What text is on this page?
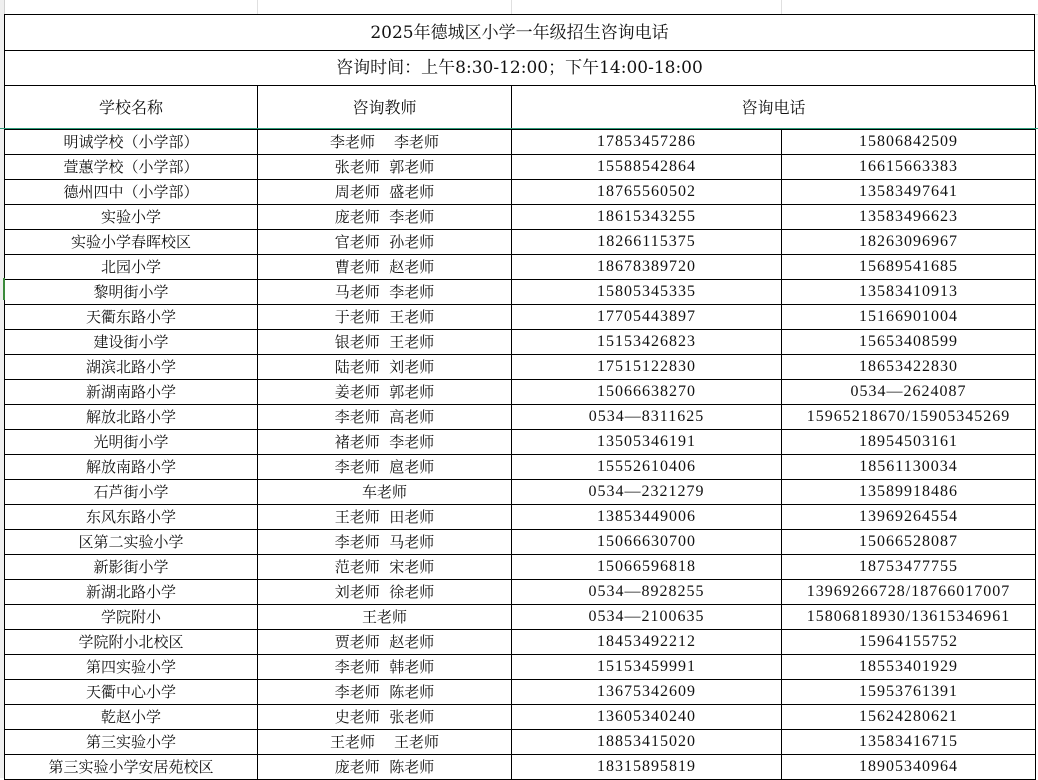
2025年德城区小学一年级招生咨询电话
咨询时间：上午8:30-12:00；下午14:00-18:00
学校名称	咨询教师	咨询电话	
明诚学校（小学部）	李老师    李老师	17853457286	15806842509
萱蕙学校（小学部）	张老师  郭老师	15588542864	16615663383
德州四中（小学部）	周老师  盛老师	18765560502	13583497641
实验小学	庞老师  李老师	18615343255	13583496623
实验小学春晖校区	官老师  孙老师	18266115375	18263096967
北园小学	曹老师  赵老师	18678389720	15689541685
黎明街小学	马老师  李老师	15805345335	13583410913
天衢东路小学	于老师  王老师	17705443897	15166901004
建设街小学	银老师  王老师	15153426823	15653408599
湖滨北路小学	陆老师  刘老师	17515122830	18653422830
新湖南路小学	姜老师  郭老师	15066638270	0534—2624087
解放北路小学	李老师  高老师	0534—8311625	15965218670/15905345269
光明街小学	褚老师  李老师	13505346191	18954503161
解放南路小学	李老师  扈老师	15552610406	18561130034
石芦街小学	车老师	0534—2321279	13589918486
东风东路小学	王老师  田老师	13853449006	13969264554
区第二实验小学	李老师  马老师	15066630700	15066528087
新影街小学	范老师  宋老师	15066596818	18753477755
新湖北路小学	刘老师  徐老师	0534—8928255	13969266728/18766017007
学院附小	王老师	0534—2100635	15806818930/13615346961
学院附小北校区	贾老师  赵老师	18453492212	15964155752
第四实验小学	李老师  韩老师	15153459991	18553401929
天衢中心小学	李老师  陈老师	13675342609	15953761391
乾赵小学	史老师  张老师	13605340240	15624280621
第三实验小学	王老师    王老师	18853415020	13583416715
第三实验小学安居苑校区	庞老师  陈老师	18315895819	18905340964
